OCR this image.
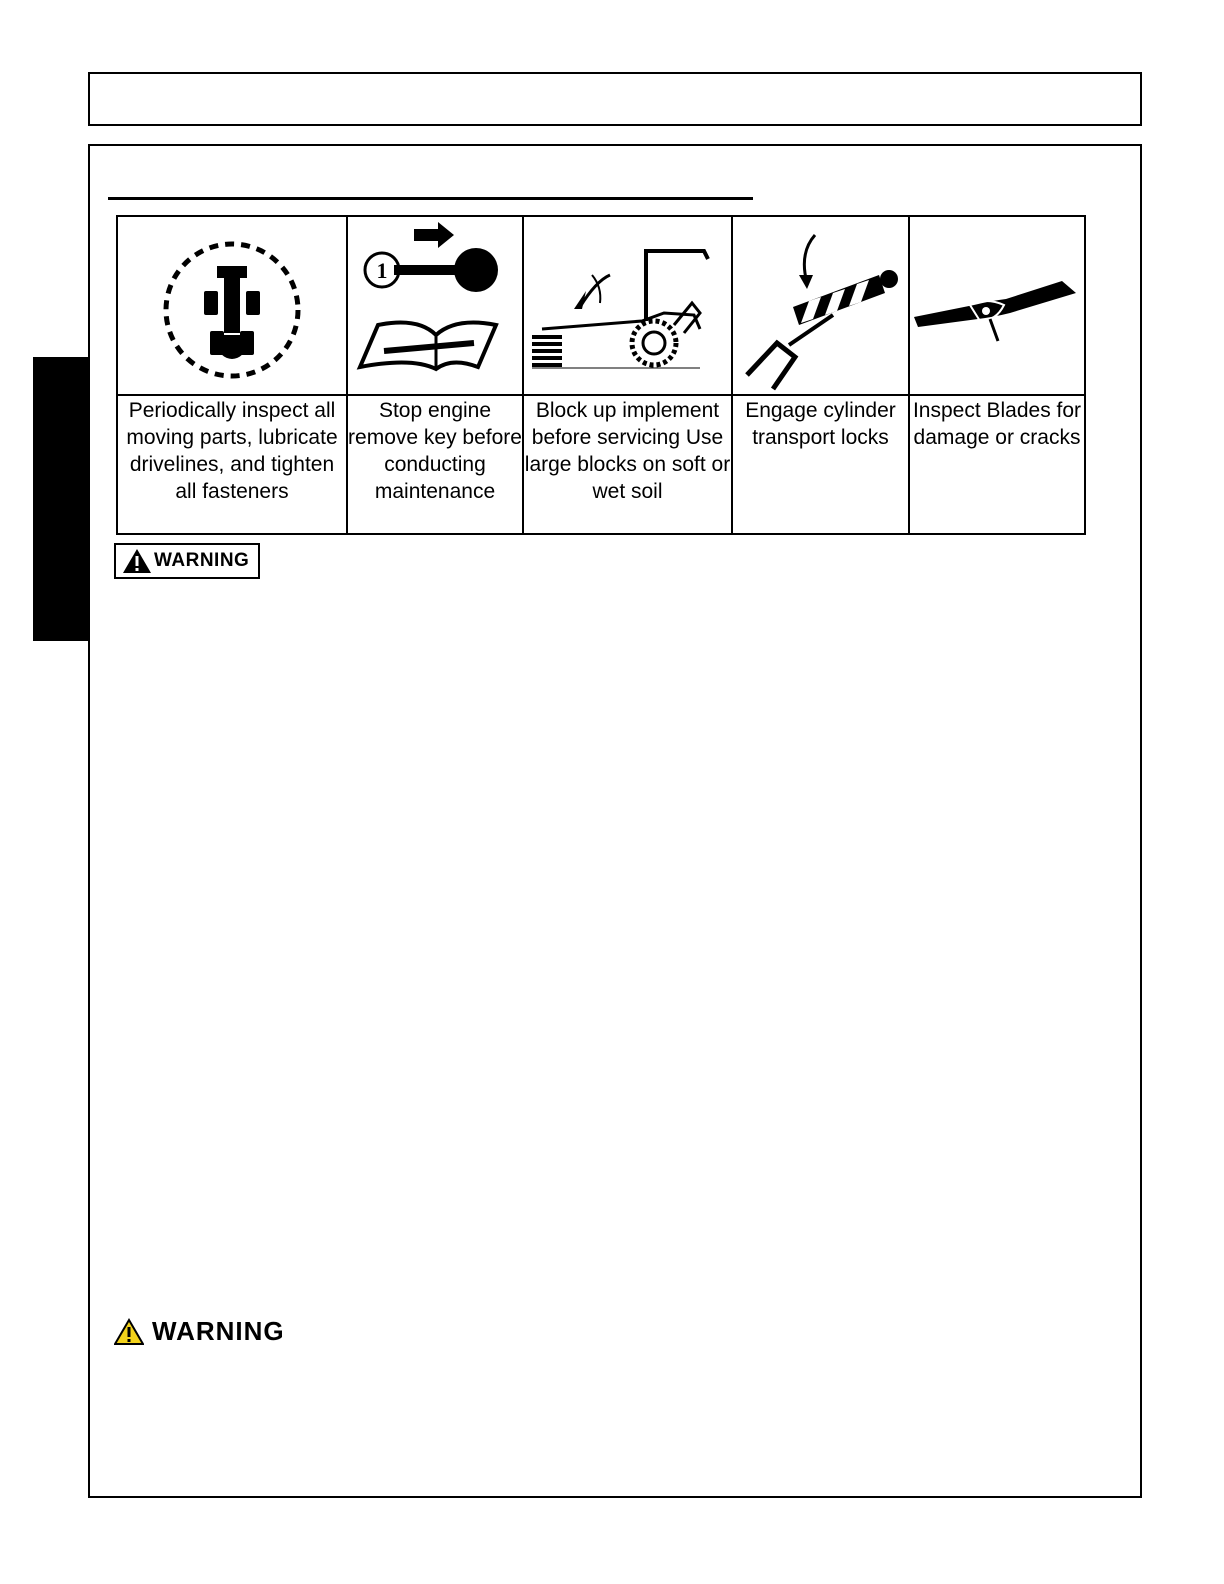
Periodically inspect all moving parts, lubricate drivelines, and tighten all fasteners
1
Stop engine remove key before conducting maintenance
Block up implement before servicing Use large blocks on soft or wet soil
Engage cylinder transport locks
Inspect Blades for damage or cracks
WARNING
WARNING
